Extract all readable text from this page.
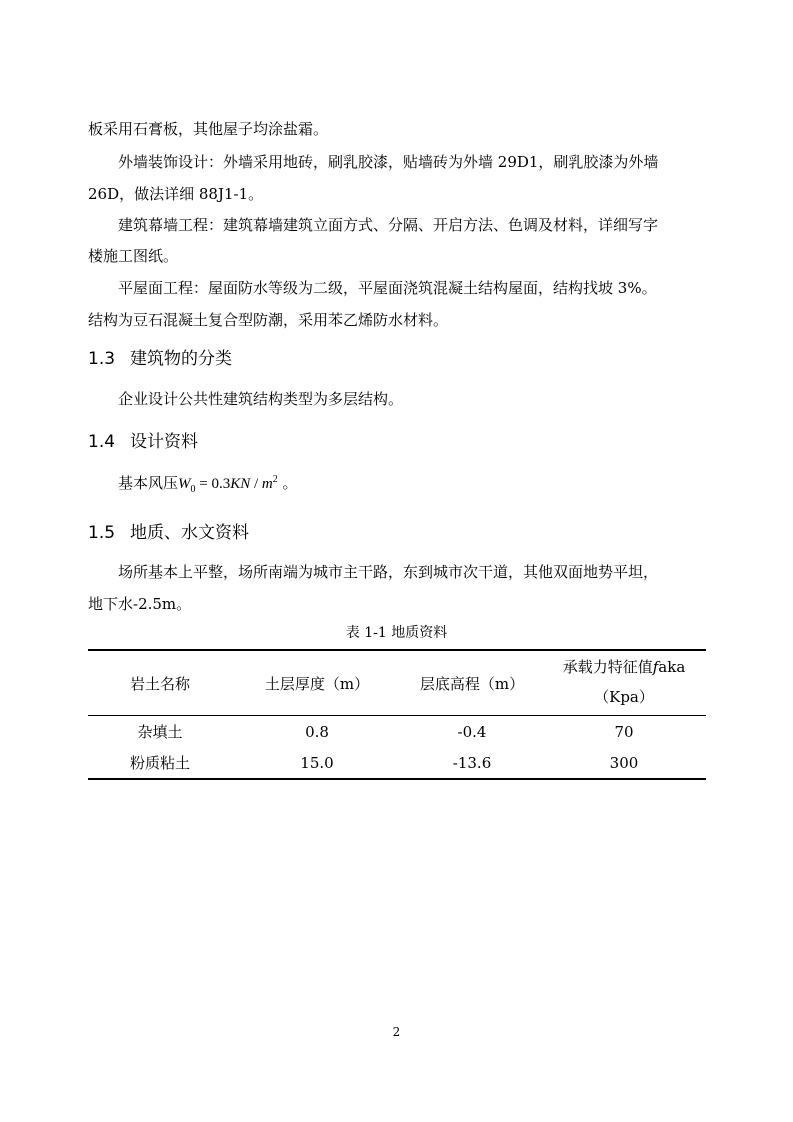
板采用石膏板，其他屋子均涂盐霜。
外墙装饰设计：外墙采用地砖，刷乳胶漆，贴墙砖为外墙 29D1，刷乳胶漆为外墙
26D，做法详细 88J1-1。
建筑幕墙工程：建筑幕墙建筑立面方式、分隔、开启方法、色调及材料，详细写字
楼施工图纸。
平屋面工程：屋面防水等级为二级，平屋面浇筑混凝土结构屋面，结构找坡 3%。
结构为豆石混凝土复合型防潮，采用苯乙烯防水材料。
1.3 建筑物的分类
企业设计公共性建筑结构类型为多层结构。
1.4 设计资料
基本风压$W_0 = 0.3KN / m^2$ 。
1.5 地质、水文资料
场所基本上平整，场所南端为城市主干路，东到城市次干道，其他双面地势平坦，
地下水-2.5m。
表 1-1 地质资料
岩土名称	土层厚度（m）	层底高程（m）	承载力特征值faka
（Kpa）

杂填土	0.8	-0.4	70
粉质粘土	15.0	-13.6	300
2
